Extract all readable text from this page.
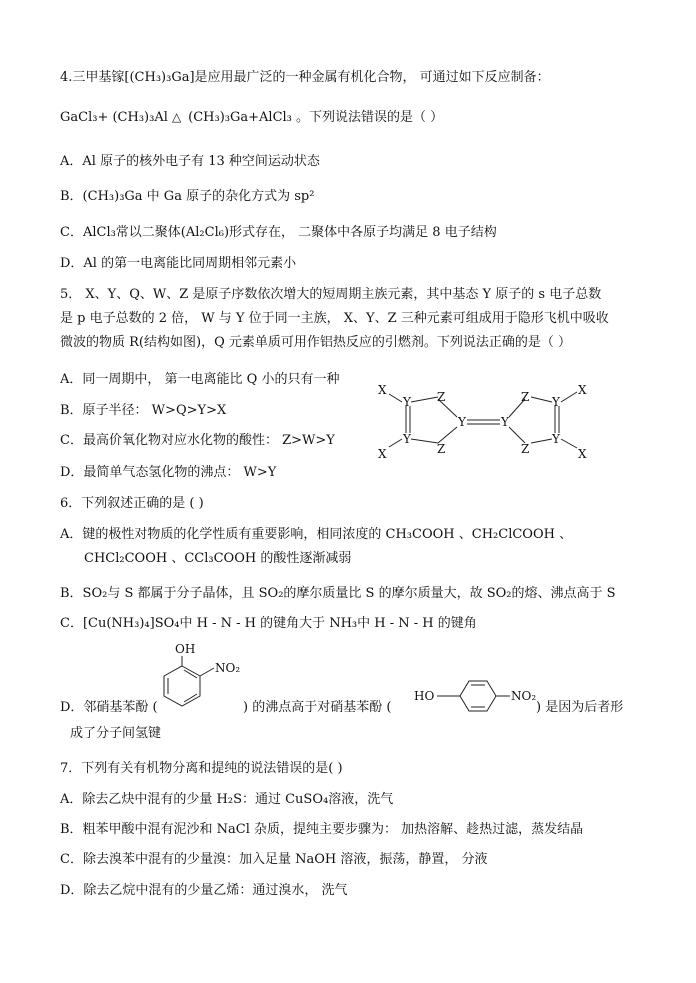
4.三甲基镓[(CH₃)₃Ga]是应用最广泛的一种金属有机化合物， 可通过如下反应制备：
GaCl₃+ (CH₃)₃Al △ (CH₃)₃Ga+AlCl₃ 。下列说法错误的是（ ）
A．Al 原子的核外电子有 13 种空间运动状态
B．(CH₃)₃Ga 中 Ga 原子的杂化方式为 sp²
C．AlCl₃常以二聚体(Al₂Cl₆)形式存在， 二聚体中各原子均满足 8 电子结构
D．Al 的第一电离能比同周期相邻元素小
5． X、Y、Q、W、Z 是原子序数依次增大的短周期主族元素，其中基态 Y 原子的 s 电子总数
是 p 电子总数的 2 倍， W 与 Y 位于同一主族， X、Y、Z 三种元素可组成用于隐形飞机中吸收
微波的物质 R(结构如图)，Q 元素单质可用作铝热反应的引燃剂。下列说法正确的是（ ）
A．同一周期中， 第一电离能比 Q 小的只有一种
B．原子半径： W>Q>Y>X
C．最高价氧化物对应水化物的酸性： Z>W>Y
D．最简单气态氢化物的沸点： W>Y
X
X
Y
Y
Z
Z
Y	Y
Z
Z
Y
Y
X
X
6．下列叙述正确的是 ( )
A．键的极性对物质的化学性质有重要影响，相同浓度的 CH₃COOH 、CH₂ClCOOH 、
CHCl₂COOH 、CCl₃COOH 的酸性逐渐减弱
B．SO₂与 S 都属于分子晶体，且 SO₂的摩尔质量比 S 的摩尔质量大，故 SO₂的熔、沸点高于 S
C．[Cu(NH₃)₄]SO₄中 H - N - H 的键角大于 NH₃中 H - N - H 的键角
OH
NO₂
HO	NO₂
D．邻硝基苯酚 (	) 的沸点高于对硝基苯酚 (	) 是因为后者形
成了分子间氢键
7．下列有关有机物分离和提纯的说法错误的是( )
A．除去乙炔中混有的少量 H₂S：通过 CuSO₄溶液，洗气
B．粗苯甲酸中混有泥沙和 NaCl 杂质，提纯主要步骤为： 加热溶解、趁热过滤，蒸发结晶
C．除去溴苯中混有的少量溴：加入足量 NaOH 溶液，振荡，静置， 分液
D．除去乙烷中混有的少量乙烯：通过溴水， 洗气
